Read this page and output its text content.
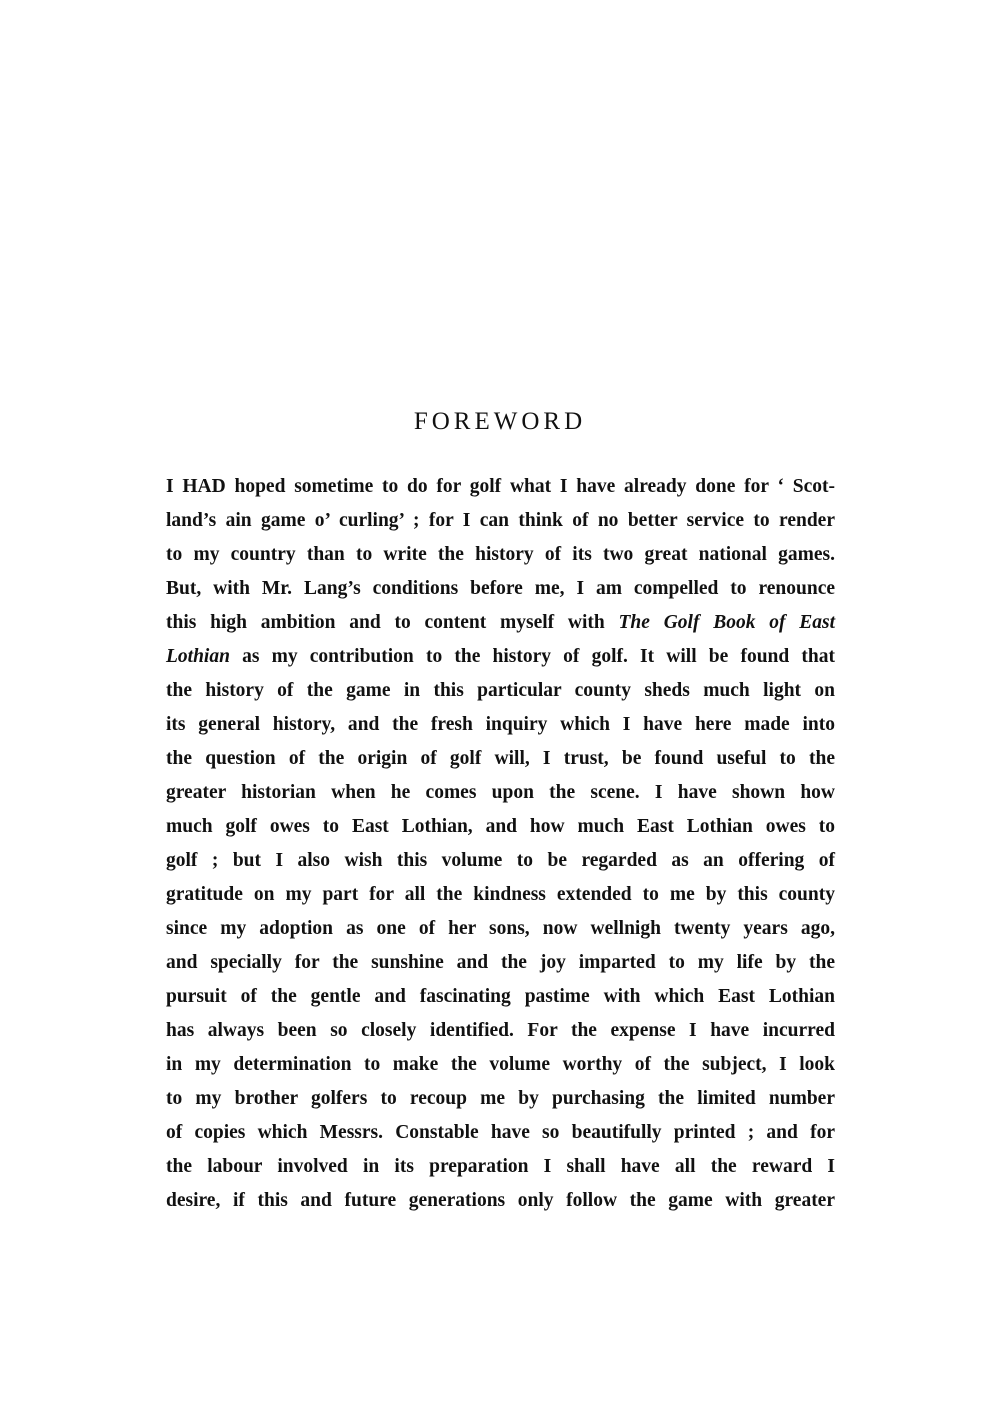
FOREWORD
I HAD hoped sometime to do for golf what I have already done for ‘ Scot-
land’s ain game o’ curling’ ; for I can think of no better service to render
to my country than to write the history of its two great national games.
But, with Mr. Lang’s conditions before me, I am compelled to renounce
this high ambition and to content myself with The Golf Book of East
Lothian as my contribution to the history of golf. It will be found that
the history of the game in this particular county sheds much light on
its general history, and the fresh inquiry which I have here made into
the question of the origin of golf will, I trust, be found useful to the
greater historian when he comes upon the scene. I have shown how
much golf owes to East Lothian, and how much East Lothian owes to
golf ; but I also wish this volume to be regarded as an offering of
gratitude on my part for all the kindness extended to me by this county
since my adoption as one of her sons, now wellnigh twenty years ago,
and specially for the sunshine and the joy imparted to my life by the
pursuit of the gentle and fascinating pastime with which East Lothian
has always been so closely identified. For the expense I have incurred
in my determination to make the volume worthy of the subject, I look
to my brother golfers to recoup me by purchasing the limited number
of copies which Messrs. Constable have so beautifully printed ; and for
the labour involved in its preparation I shall have all the reward I
desire, if this and future generations only follow the game with greater
